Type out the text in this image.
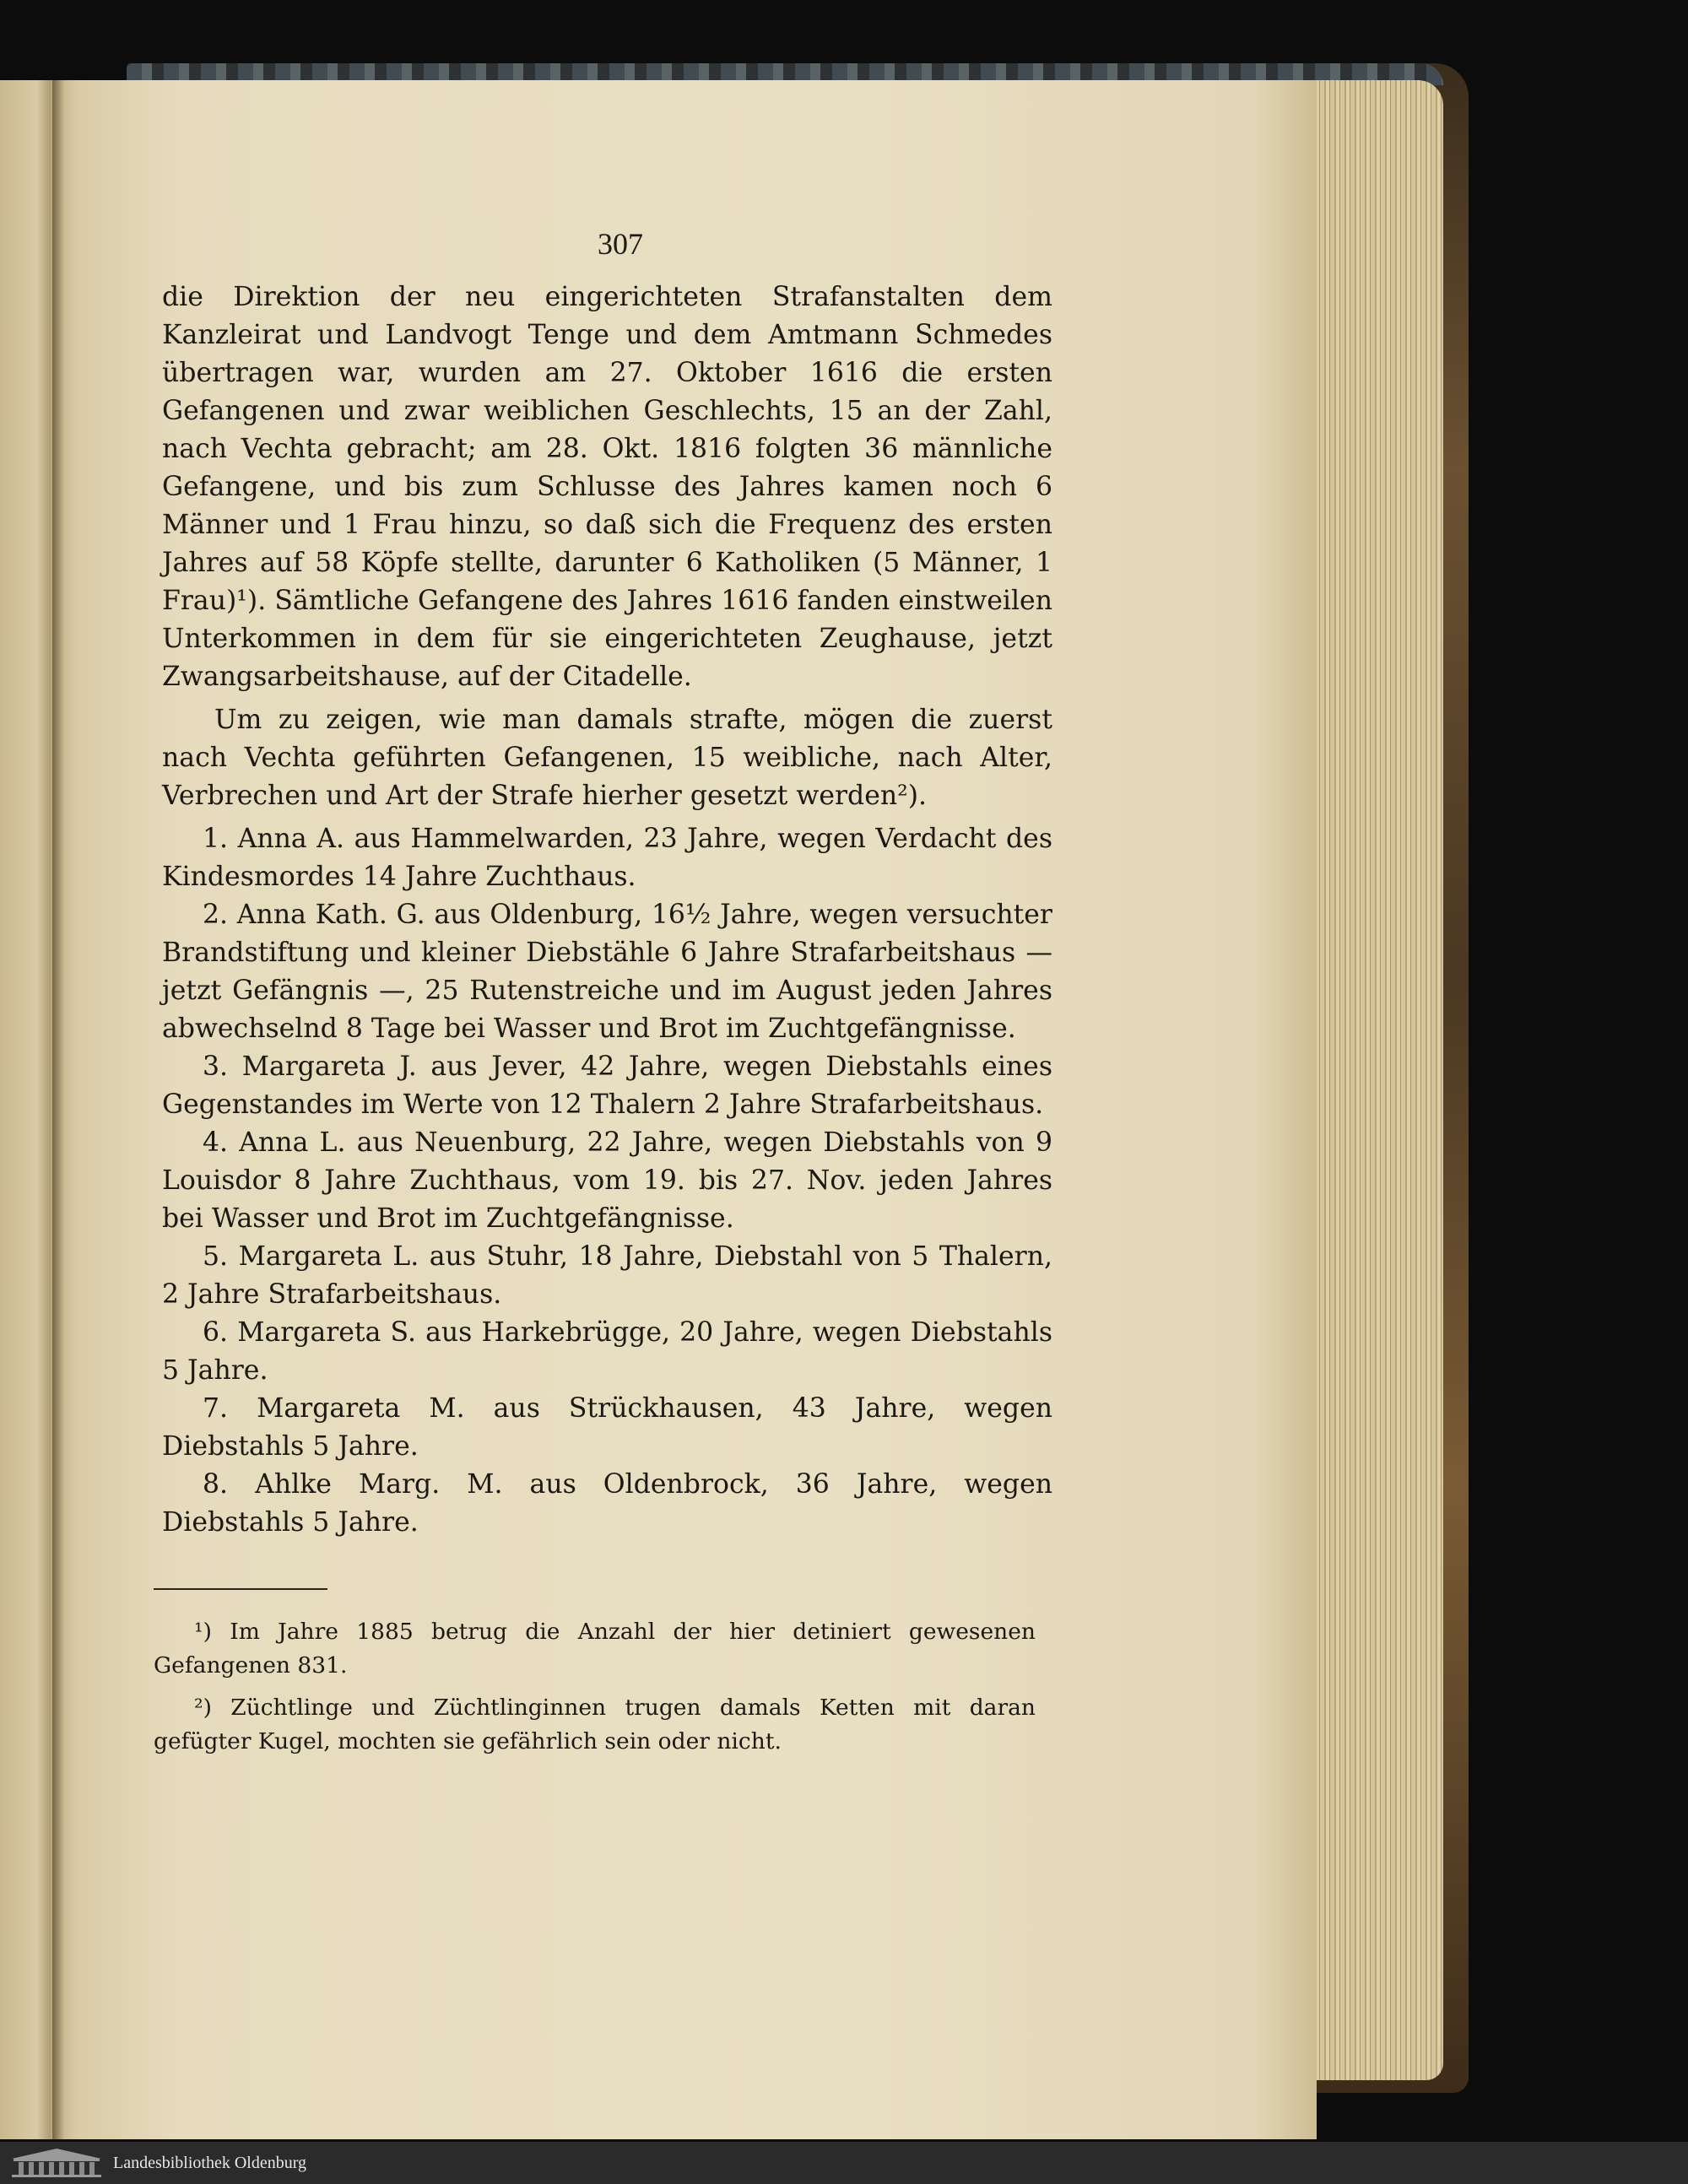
307

die Direktion der neu eingerichteten Strafanstalten dem Kanzleirat und Landvogt Tenge und dem Amtmann Schmedes übertragen war, wurden am 27. Oktober 1616 die ersten Gefangenen und zwar weiblichen Geschlechts, 15 an der Zahl, nach Vechta gebracht; am 28. Okt. 1816 folgten 36 männliche Gefangene, und bis zum Schlusse des Jahres kamen noch 6 Männer und 1 Frau hinzu, so daß sich die Frequenz des ersten Jahres auf 58 Köpfe stellte, darunter 6 Katholiken (5 Männer, 1 Frau)¹). Sämtliche Gefangene des Jahres 1616 fanden einstweilen Unterkommen in dem für sie eingerichteten Zeughause, jetzt Zwangsarbeitshause, auf der Citadelle.

Um zu zeigen, wie man damals strafte, mögen die zuerst nach Vechta geführten Gefangenen, 15 weibliche, nach Alter, Verbrechen und Art der Strafe hierher gesetzt werden²).

1. Anna A. aus Hammelwarden, 23 Jahre, wegen Verdacht des Kindesmordes 14 Jahre Zuchthaus.

2. Anna Kath. G. aus Oldenburg, 16½ Jahre, wegen versuchter Brandstiftung und kleiner Diebstähle 6 Jahre Strafarbeitshaus — jetzt Gefängnis —, 25 Rutenstreiche und im August jeden Jahres abwechselnd 8 Tage bei Wasser und Brot im Zuchtgefängnisse.

3. Margareta J. aus Jever, 42 Jahre, wegen Diebstahls eines Gegenstandes im Werte von 12 Thalern 2 Jahre Strafarbeitshaus.

4. Anna L. aus Neuenburg, 22 Jahre, wegen Diebstahls von 9 Louisdor 8 Jahre Zuchthaus, vom 19. bis 27. Nov. jeden Jahres bei Wasser und Brot im Zuchtgefängnisse.

5. Margareta L. aus Stuhr, 18 Jahre, Diebstahl von 5 Thalern, 2 Jahre Strafarbeitshaus.

6. Margareta S. aus Harkebrügge, 20 Jahre, wegen Diebstahls 5 Jahre.

7. Margareta M. aus Strückhausen, 43 Jahre, wegen Diebstahls 5 Jahre.

8. Ahlke Marg. M. aus Oldenbrock, 36 Jahre, wegen Diebstahls 5 Jahre.

¹) Im Jahre 1885 betrug die Anzahl der hier detiniert gewesenen Gefangenen 831.

²) Züchtlinge und Züchtlinginnen trugen damals Ketten mit daran gefügter Kugel, mochten sie gefährlich sein oder nicht.

Landesbibliothek Oldenburg
